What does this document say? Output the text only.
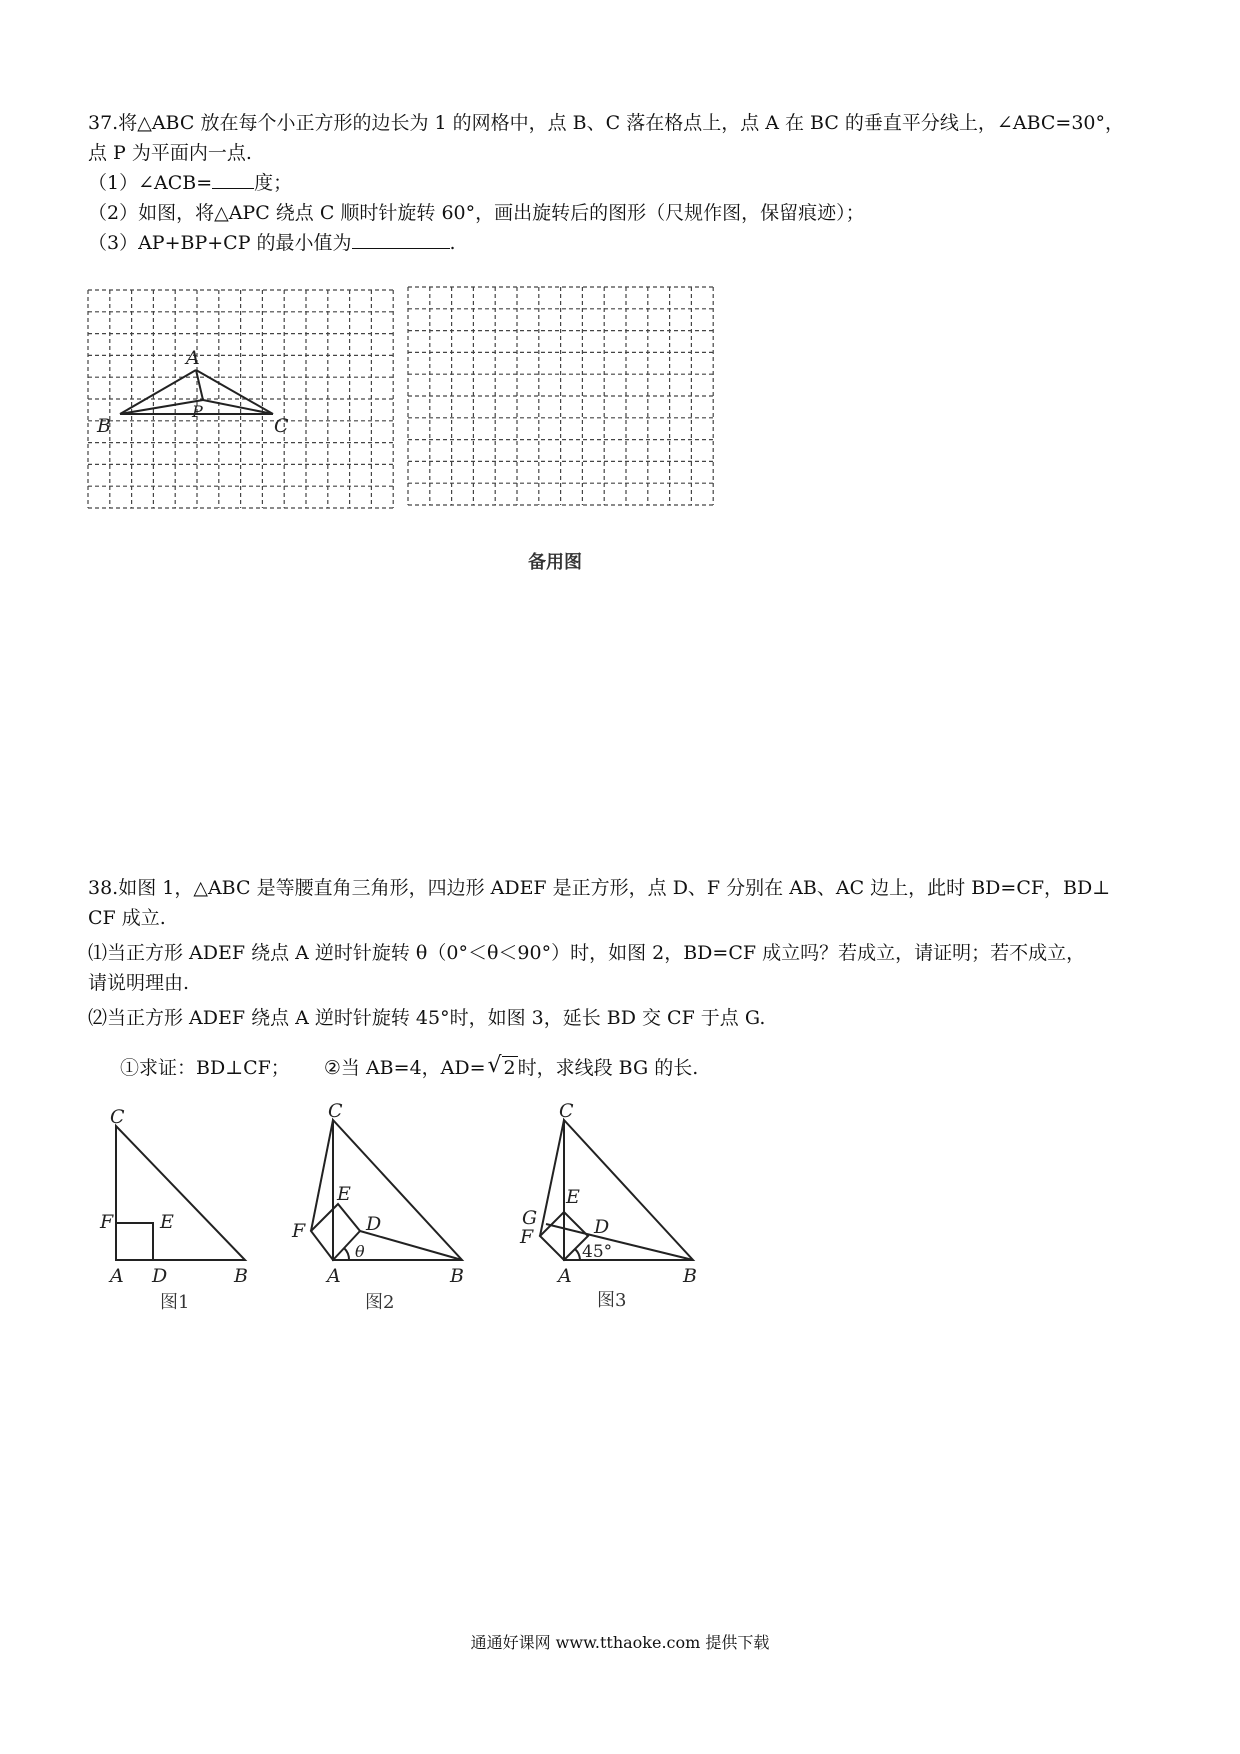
37.将△ABC 放在每个小正方形的边长为 1 的网格中，点 B、C 落在格点上，点 A 在 BC 的垂直平分线上，∠ABC=30°，
点 P 为平面内一点.
（1）∠ACB= 度；
（2）如图，将△APC 绕点 C 顺时针旋转 60°，画出旋转后的图形（尺规作图，保留痕迹）；
（3）AP+BP+CP 的最小值为	.
A
B	C
P
备用图
38.如图 1，△ABC 是等腰直角三角形，四边形 ADEF 是正方形，点 D、F 分别在 AB、AC 边上，此时 BD=CF，BD⊥
CF 成立.
⑴当正方形 ADEF 绕点 A 逆时针旋转 θ（0°＜θ＜90°）时，如图 2，BD=CF 成立吗？若成立，请证明；若不成立，
请说明理由.
⑵当正方形 ADEF 绕点 A 逆时针旋转 45°时，如图 3，延长 BD 交 CF 于点 G.
①求证：BD⊥CF； ②当 AB=4，AD= √ 2 时，求线段 BG 的长.
C
F E
A D	B
图1
C
E
F	D
θ
A	B
图2
C
E
G
F	D
45°
A	B
图3
通通好课网 www.tthaoke.com 提供下载
